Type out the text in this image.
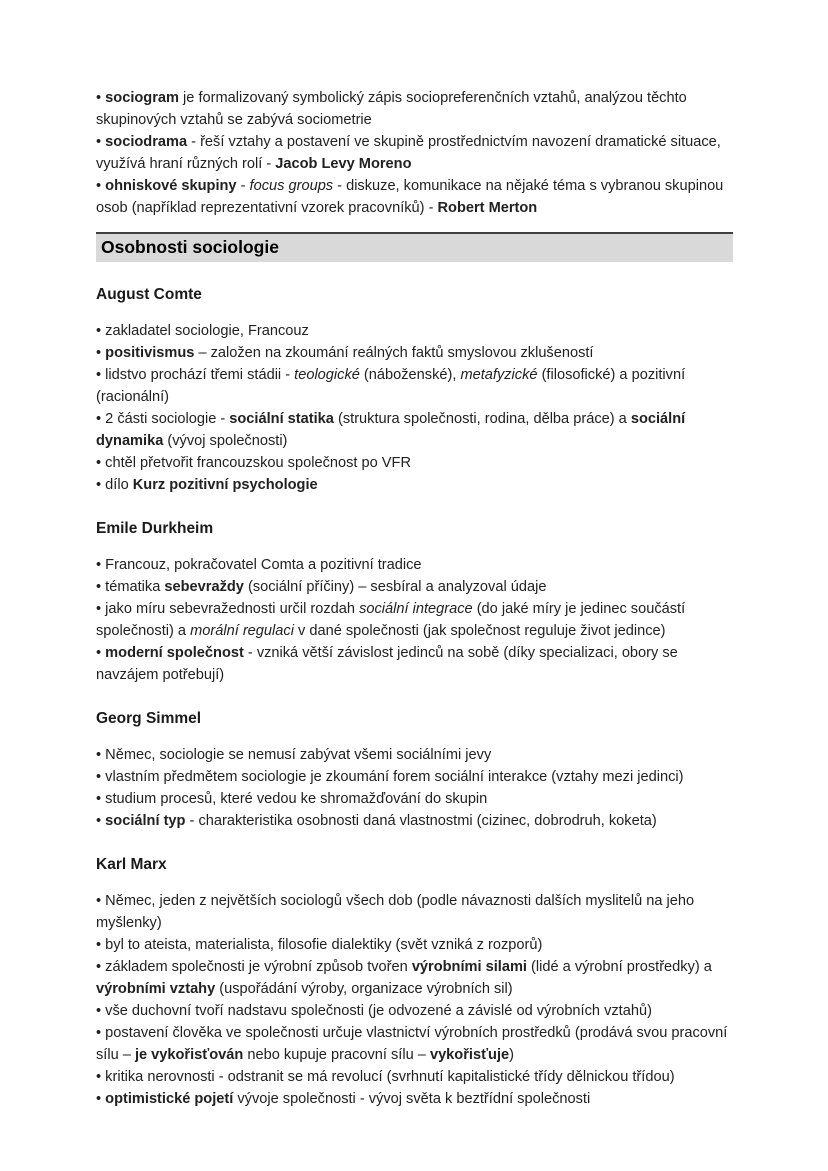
• sociogram je formalizovaný symbolický zápis sociopreferenčních vztahů, analýzou těchto skupinových vztahů se zabývá sociometrie

• sociodrama - řeší vztahy a postavení ve skupině prostřednictvím navození dramatické situace, využívá hraní různých rolí - Jacob Levy Moreno

• ohniskové skupiny - focus groups - diskuze, komunikace na nějaké téma s vybranou skupinou osob (například reprezentativní vzorek pracovníků) - Robert Merton

Osobnosti sociologie
August Comte

• zakladatel sociologie, Francouz

• positivismus – založen na zkoumání reálných faktů smyslovou zklušeností

• lidstvo prochází třemi stádii - teologické (náboženské), metafyzické (filosofické) a pozitivní (racionální)

• 2 části sociologie - sociální statika (struktura společnosti, rodina, dělba práce) a sociální dynamika (vývoj společnosti)

• chtěl přetvořit francouzskou společnost po VFR

• dílo Kurz pozitivní psychologie

Emile Durkheim

• Francouz, pokračovatel Comta a pozitivní tradice

• tématika sebevraždy (sociální příčiny) – sesbíral a analyzoval údaje

• jako míru sebevražednosti určil rozdah sociální integrace (do jaké míry je jedinec součástí společnosti) a morální regulaci v dané společnosti (jak společnost reguluje život jedince)

• moderní společnost - vzniká větší závislost jedinců na sobě (díky specializaci, obory se navzájem potřebují)

Georg Simmel

• Němec, sociologie se nemusí zabývat všemi sociálními jevy

• vlastním předmětem sociologie je zkoumání forem sociální interakce (vztahy mezi jedinci)

• studium procesů, které vedou ke shromažďování do skupin

• sociální typ - charakteristika osobnosti daná vlastnostmi (cizinec, dobrodruh, koketa)

Karl Marx

• Němec, jeden z největších sociologů všech dob (podle návaznosti dalších myslitelů na jeho myšlenky)

• byl to ateista, materialista, filosofie dialektiky (svět vzniká z rozporů)

• základem společnosti je výrobní způsob tvořen výrobními silami (lidé a výrobní prostředky) a výrobními vztahy (uspořádání výroby, organizace výrobních sil)

• vše duchovní tvoří nadstavu společnosti (je odvozené a závislé od výrobních vztahů)

• postavení člověka ve společnosti určuje vlastnictví výrobních prostředků (prodává svou pracovní sílu – je vykořisťován nebo kupuje pracovní sílu – vykořisťuje)

• kritika nerovnosti - odstranit se má revolucí (svrhnutí kapitalistické třídy dělnickou třídou)

• optimistické pojetí vývoje společnosti - vývoj světa k beztřídní společnosti
